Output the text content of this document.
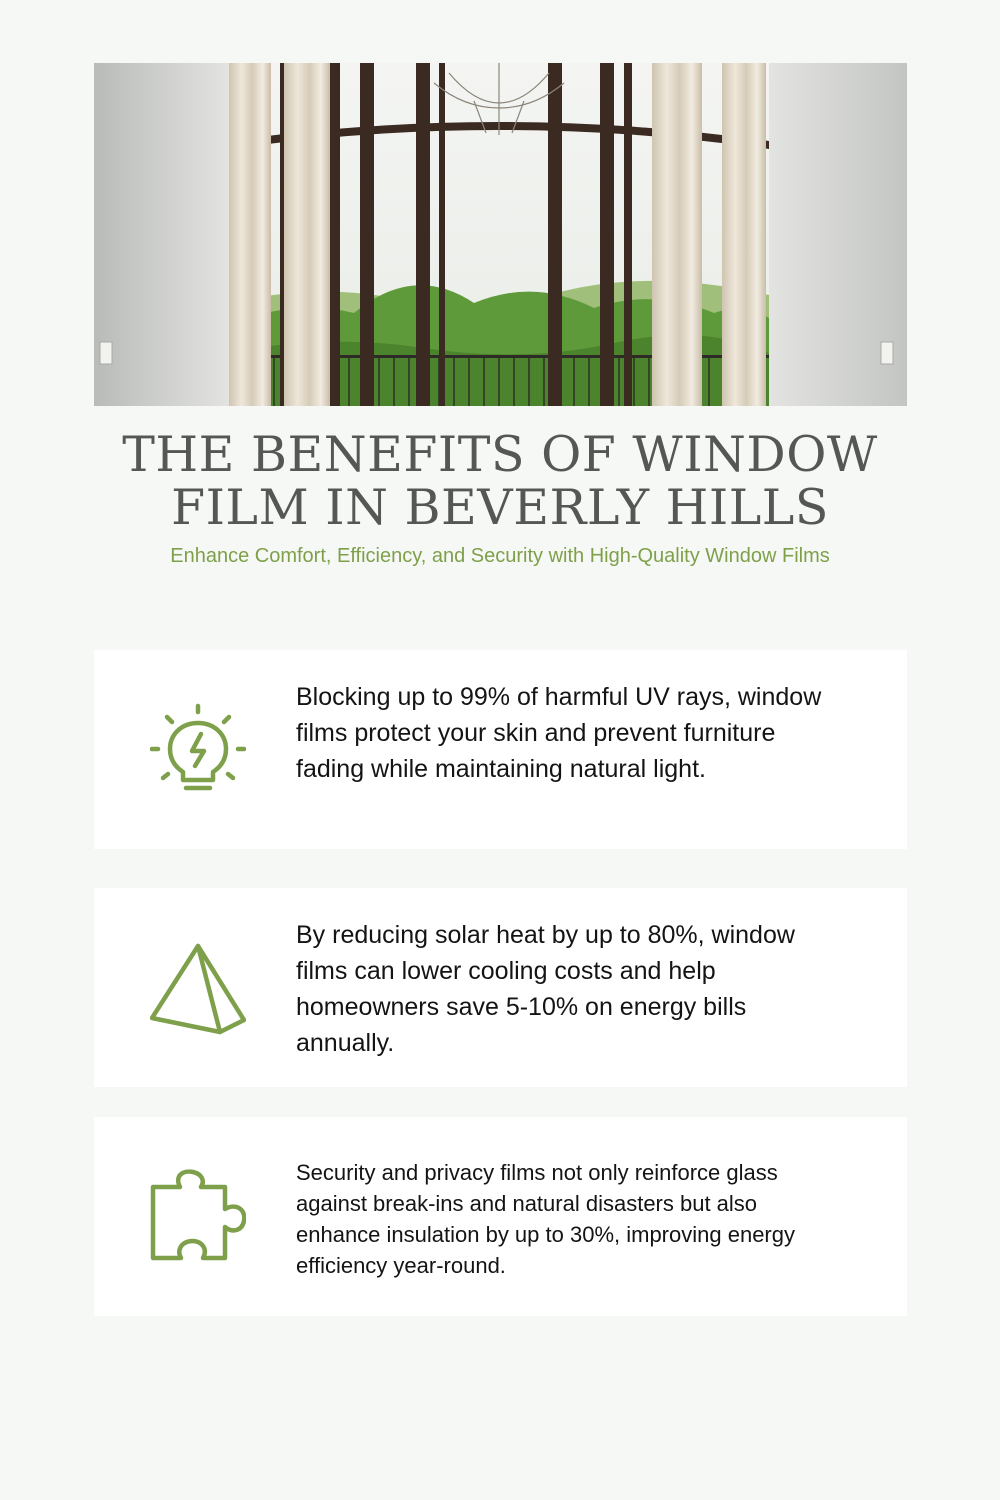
THE BENEFITS OF WINDOW
FILM IN BEVERLY HILLS

Enhance Comfort, Efficiency, and Security with High-Quality Window Films

Blocking up to 99% of harmful UV rays, window films protect your skin and prevent furniture fading while maintaining natural light.

By reducing solar heat by up to 80%, window films can lower cooling costs and help homeowners save 5-10% on energy bills annually.

Security and privacy films not only reinforce glass against break-ins and natural disasters but also enhance insulation by up to 30%, improving energy efficiency year-round.
